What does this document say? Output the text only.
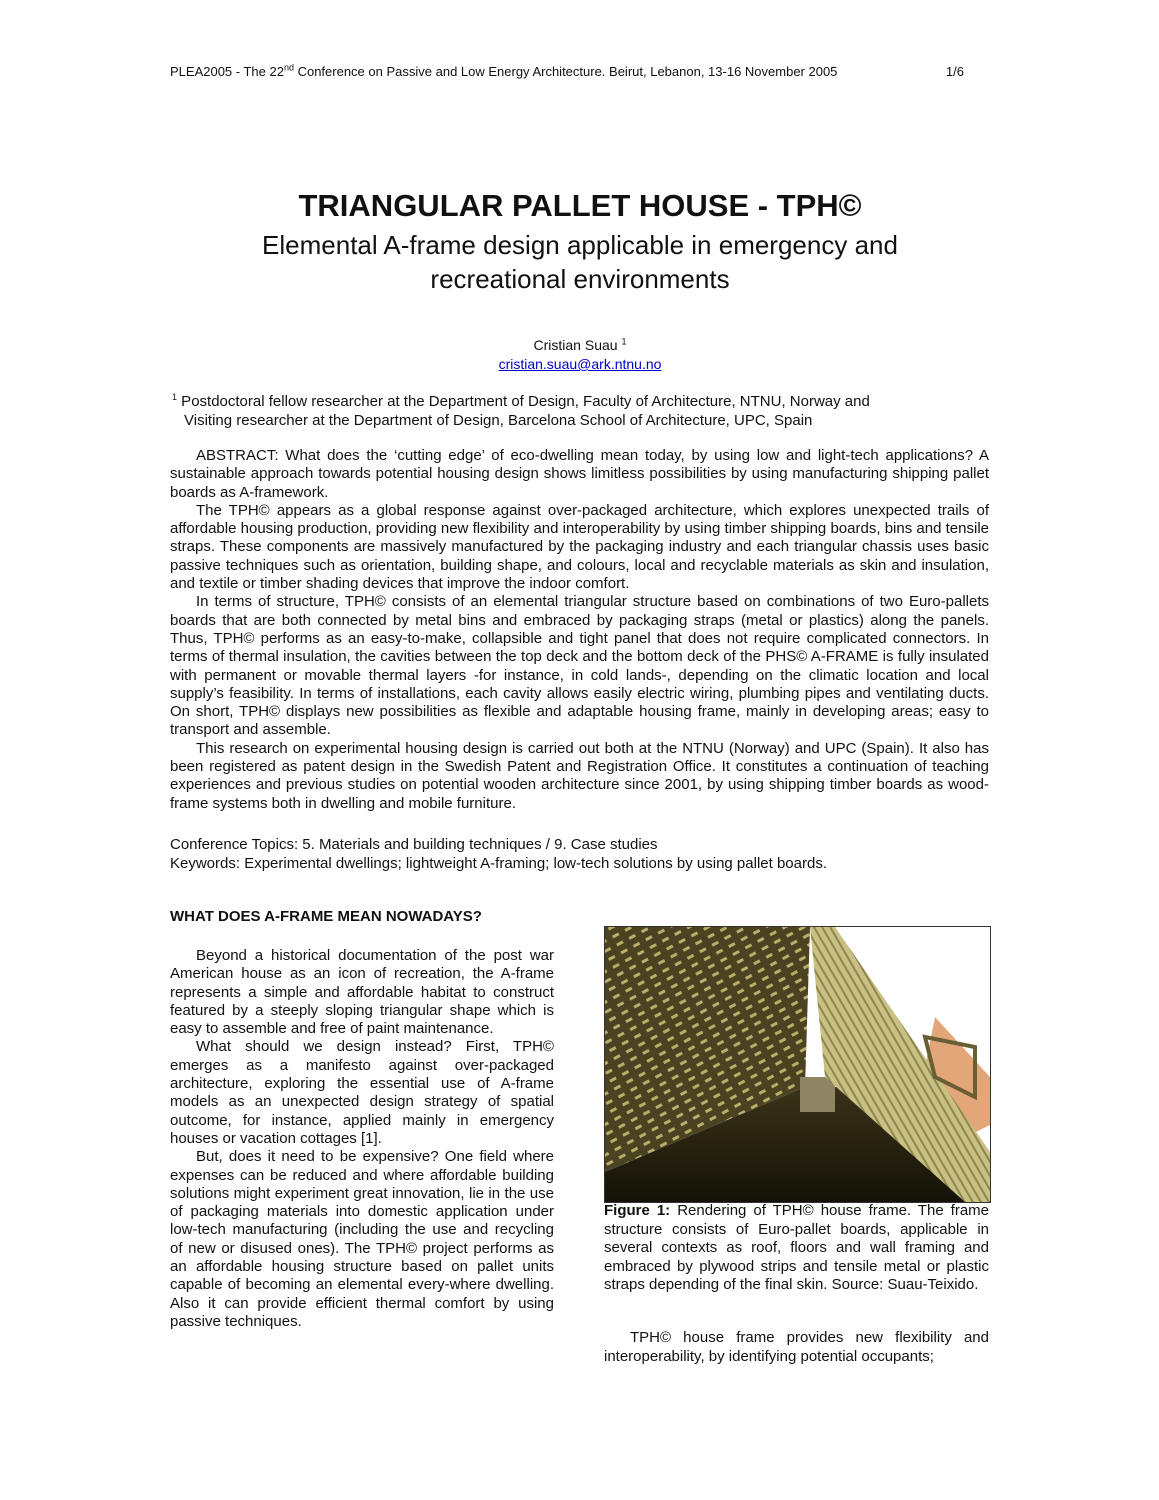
PLEA2005 - The 22nd Conference on Passive and Low Energy Architecture. Beirut, Lebanon, 13-16 November 2005	1/6
TRIANGULAR PALLET HOUSE - TPH©
Elemental A-frame design applicable in emergency and
recreational environments
Cristian Suau $^1$
cristian.suau@ark.ntnu.no
$^1$ Postdoctoral fellow researcher at the Department of Design, Faculty of Architecture, NTNU, Norway and
Visiting researcher at the Department of Design, Barcelona School of Architecture, UPC, Spain

ABSTRACT: What does the ‘cutting edge’ of eco-dwelling mean today, by using low and light-tech applications? A sustainable approach towards potential housing design shows limitless possibilities by using manufacturing shipping pallet boards as A-framework.

The TPH© appears as a global response against over-packaged architecture, which explores unexpected trails of affordable housing production, providing new flexibility and interoperability by using timber shipping boards, bins and tensile straps. These components are massively manufactured by the packaging industry and each triangular chassis uses basic passive techniques such as orientation, building shape, and colours, local and recyclable materials as skin and insulation, and textile or timber shading devices that improve the indoor comfort.

In terms of structure, TPH© consists of an elemental triangular structure based on combinations of two Euro-pallets boards that are both connected by metal bins and embraced by packaging straps (metal or plastics) along the panels. Thus, TPH© performs as an easy-to-make, collapsible and tight panel that does not require complicated connectors. In terms of thermal insulation, the cavities between the top deck and the bottom deck of the PHS© A-FRAME is fully insulated with permanent or movable thermal layers -for instance, in cold lands-, depending on the climatic location and local supply’s feasibility. In terms of installations, each cavity allows easily electric wiring, plumbing pipes and ventilating ducts. On short, TPH© displays new possibilities as flexible and adaptable housing frame, mainly in developing areas; easy to transport and assemble.

This research on experimental housing design is carried out both at the NTNU (Norway) and UPC (Spain). It also has been registered as patent design in the Swedish Patent and Registration Office. It constitutes a continuation of teaching experiences and previous studies on potential wooden architecture since 2001, by using shipping timber boards as wood-frame systems both in dwelling and mobile furniture.

Conference Topics: 5. Materials and building techniques / 9. Case studies
Keywords: Experimental dwellings; lightweight A-framing; low-tech solutions by using pallet boards.
WHAT DOES A-FRAME MEAN NOWADAYS?

Beyond a historical documentation of the post war American house as an icon of recreation, the A-frame represents a simple and affordable habitat to construct featured by a steeply sloping triangular shape which is easy to assemble and free of paint maintenance.

What should we design instead? First, TPH© emerges as a manifesto against over-packaged architecture, exploring the essential use of A-frame models as an unexpected design strategy of spatial outcome, for instance, applied mainly in emergency houses or vacation cottages [1].

But, does it need to be expensive? One field where expenses can be reduced and where affordable building solutions might experiment great innovation, lie in the use of packaging materials into domestic application under low-tech manufacturing (including the use and recycling of new or disused ones). The TPH© project performs as an affordable housing structure based on pallet units capable of becoming an elemental every-where dwelling. Also it can provide efficient thermal comfort by using passive techniques.

Figure 1: Rendering of TPH© house frame. The frame structure consists of Euro-pallet boards, applicable in several contexts as roof, floors and wall framing and embraced by plywood strips and tensile metal or plastic straps depending of the final skin. Source: Suau-Teixido.

TPH© house frame provides new flexibility and interoperability, by identifying potential occupants;
